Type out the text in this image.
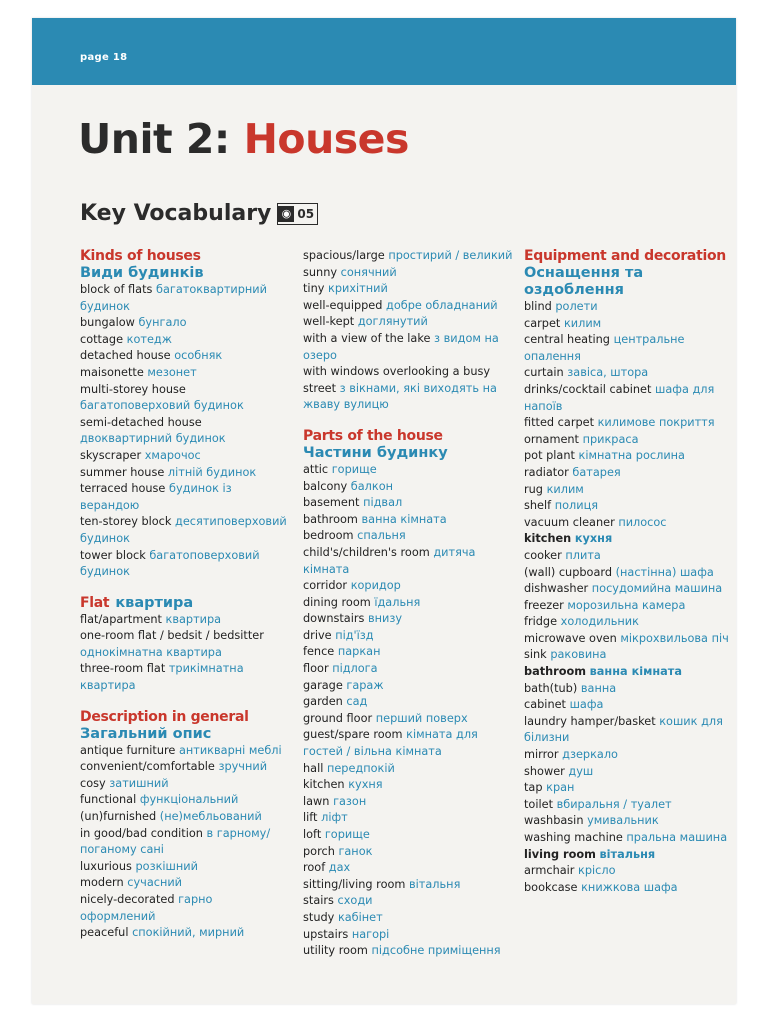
page 18
Unit 2: Houses
Key Vocabulary ◉ 05
Kinds of houses
Види будинків
block of flats багатоквартирний будинок
bungalow бунгало
cottage котедж
detached house особняк
maisonette мезонет
multi-storey house багатоповерховий будинок
semi-detached house двоквартирний будинок
skyscraper хмарочос
summer house літній будинок
terraced house будинок із верандою
ten-storey block десятиповерховий будинок
tower block багатоповерховий будинок
Flat квартира
flat/apartment квартира
one-room flat / bedsit / bedsitter однокімнатна квартира
three-room flat трикімнатна квартира
Description in general
Загальний опис
antique furniture антикварні меблі
convenient/comfortable зручний
cosy затишний
functional функціональний
(un)furnished (не)мебльований
in good/bad condition в гарному/ поганому сані
luxurious розкішний
modern сучасний
nicely-decorated гарно оформлений
peaceful спокійний, мирний
spacious/large простирий / великий
sunny сонячний
tiny крихітний
well-equipped добре обладнаний
well-kept доглянутий
with a view of the lake з видом на озеро
with windows overlooking a busy street з вікнами, які виходять на жваву вулицю
Parts of the house
Частини будинку
attic горище
balcony балкон
basement підвал
bathroom ванна кімната
bedroom спальня
child's/children's room дитяча кімната
corridor коридор
dining room їдальня
downstairs внизу
drive під'їзд
fence паркан
floor підлога
garage гараж
garden сад
ground floor перший поверх
guest/spare room кімната для гостей / вільна кімната
hall передпокій
kitchen кухня
lawn газон
lift ліфт
loft горище
porch ганок
roof дах
sitting/living room вітальня
stairs сходи
study кабінет
upstairs нагорі
utility room підсобне приміщення
Equipment and decoration
Оснащення та оздоблення
blind ролети
carpet килим
central heating центральне опалення
curtain завіса, штора
drinks/cocktail cabinet шафа для напоїв
fitted carpet килимове покриття
ornament прикраса
pot plant кімнатна рослина
radiator батарея
rug килим
shelf полиця
vacuum cleaner пилосос
kitchen кухня
cooker плита
(wall) cupboard (настінна) шафа
dishwasher посудомийна машина
freezer морозильна камера
fridge холодильник
microwave oven мікрохвильова піч
sink раковина
bathroom ванна кімната
bath(tub) ванна
cabinet шафа
laundry hamper/basket кошик для білизни
mirror дзеркало
shower душ
tap кран
toilet вбиральня / туалет
washbasin умивальник
washing machine пральна машина
living room вітальня
armchair крісло
bookcase книжкова шафа
